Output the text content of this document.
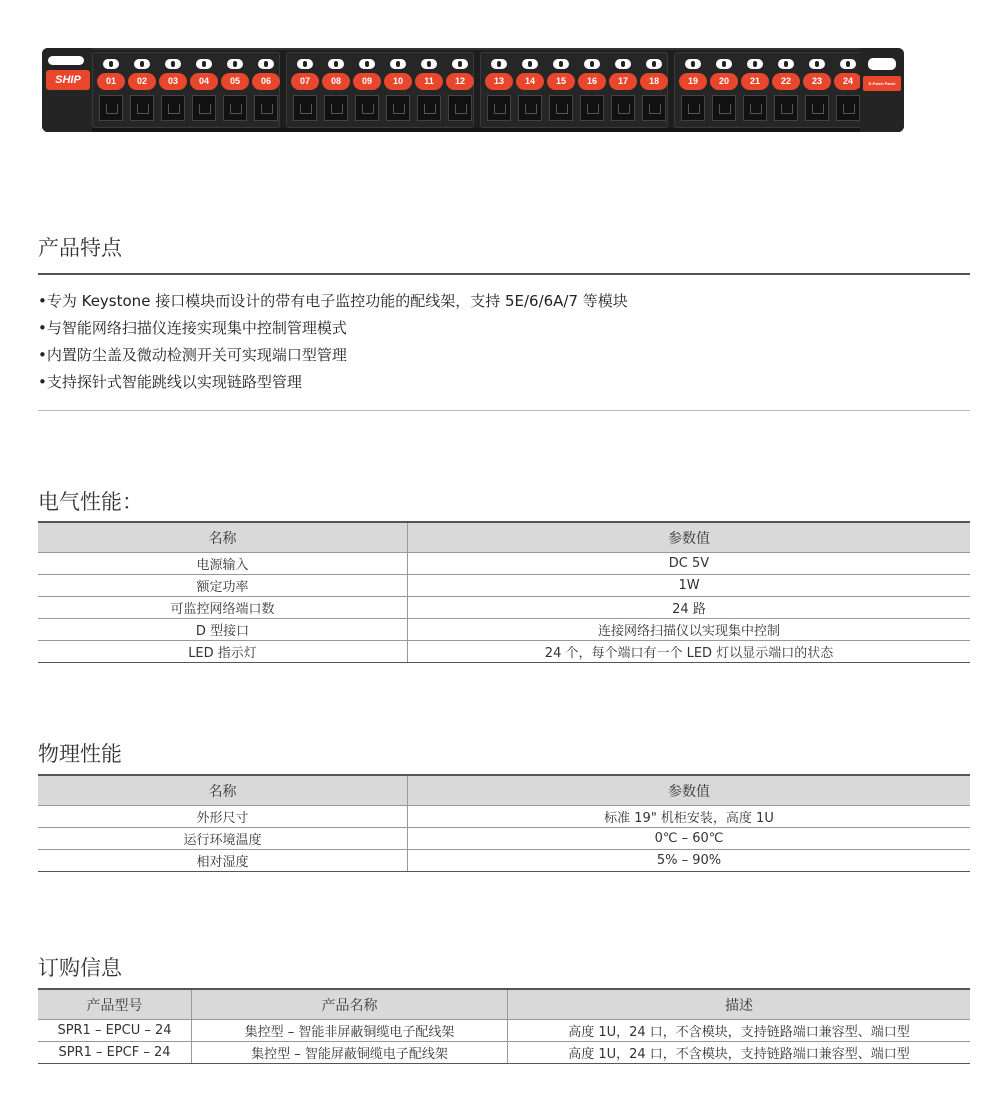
SHIP	01	02	03	04	05	06	07	08	09	10	11	12	13	14	15	16	17	18	19	20	21	22	23	24	E-Patch Panel
产品特点
•专为 Keystone 接口模块而设计的带有电子监控功能的配线架，支持 5E/6/6A/7 等模块
•与智能网络扫描仪连接实现集中控制管理模式
•内置防尘盖及微动检测开关可实现端口型管理
•支持探针式智能跳线以实现链路型管理
电气性能：
名称	参数值
电源输入	DC 5V
额定功率	1W
可监控网络端口数	24 路
D 型接口	连接网络扫描仪以实现集中控制
LED 指示灯	24 个，每个端口有一个 LED 灯以显示端口的状态
物理性能
名称	参数值
外形尺寸	标准 19" 机柜安装，高度 1U
运行环境温度	0℃ – 60℃
相对湿度	5% – 90%
订购信息
产品型号	产品名称	描述
SPR1 – EPCU – 24	集控型 – 智能非屏蔽铜缆电子配线架	高度 1U，24 口，不含模块，支持链路端口兼容型、端口型
SPR1 – EPCF – 24	集控型 – 智能屏蔽铜缆电子配线架	高度 1U，24 口，不含模块，支持链路端口兼容型、端口型
